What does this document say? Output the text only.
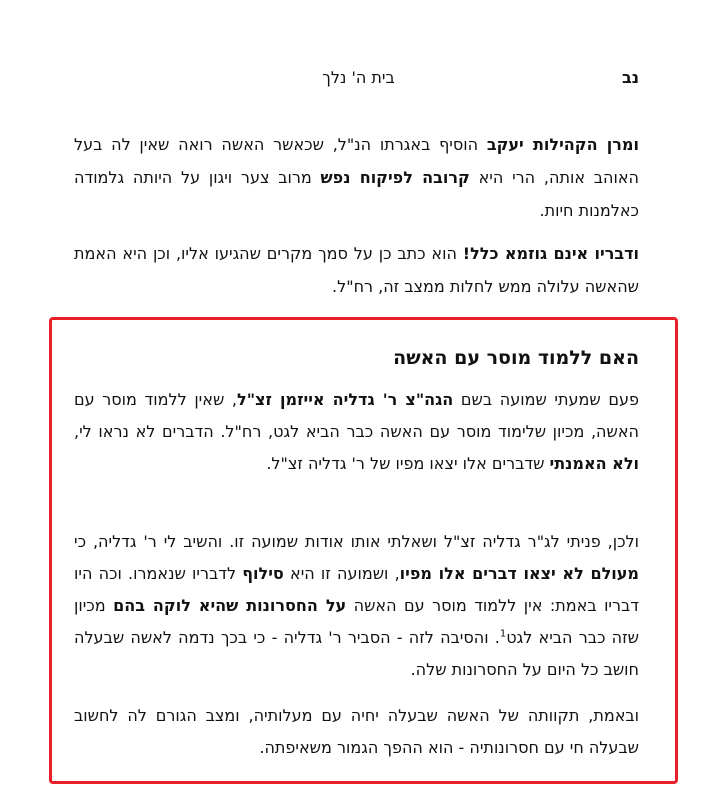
נב
בית ה' נלך

ומרן הקהילות יעקב הוסיף באגרתו הנ"ל, שכאשר האשה רואה שאין לה בעל האוהב אותה, הרי היא קרובה לפיקוח נפש מרוב צער ויגון על היותה גלמודה כאלמנות חיות.

ודבריו אינם גוזמא כלל! הוא כתב כן על סמך מקרים שהגיעו אליו, וכן היא האמת שהאשה עלולה ממש לחלות ממצב זה, רח"ל.

האם ללמוד מוסר עם האשה

פעם שמעתי שמועה בשם הגה"צ ר' גדליה אייזמן זצ"ל, שאין ללמוד מוסר עם האשה, מכיון שלימוד מוסר עם האשה כבר הביא לגט, רח"ל. הדברים לא נראו לי, ולא האמנתי שדברים אלו יצאו מפיו של ר' גדליה זצ"ל.

ולכן, פניתי לג"ר גדליה זצ"ל ושאלתי אותו אודות שמועה זו. והשיב לי ר' גדליה, כי מעולם לא יצאו דברים אלו מפיו, ושמועה זו היא סילוף לדבריו שנאמרו. וכה היו דבריו באמת: אין ללמוד מוסר עם האשה על החסרונות שהיא לוקה בהם מכיון שזה כבר הביא לגט$^1$. והסיבה לזה - הסביר ר' גדליה - כי בכך נדמה לאשה שבעלה חושב כל היום על החסרונות שלה.

ובאמת, תקוותה של האשה שבעלה יחיה עם מעלותיה, ומצב הגורם לה לחשוב שבעלה חי עם חסרונותיה - הוא ההפך הגמור משאיפתה.
